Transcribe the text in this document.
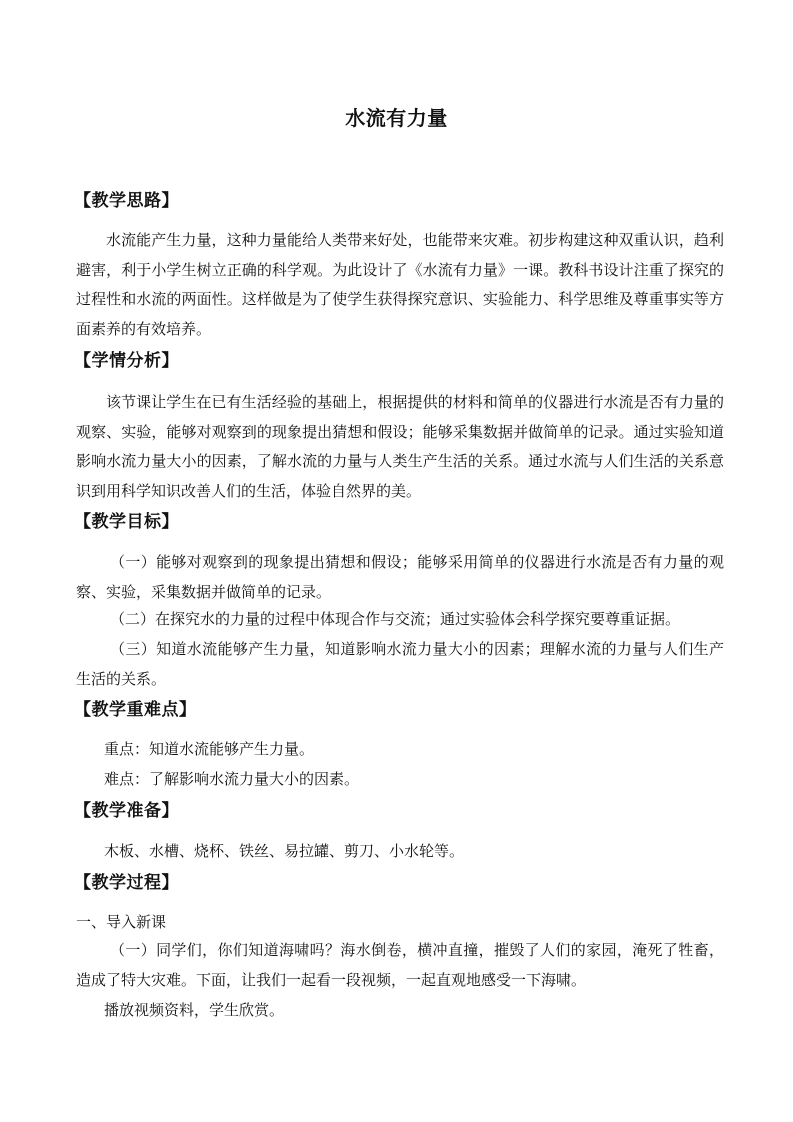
水流有力量
【教学思路】
水流能产生力量，这种力量能给人类带来好处，也能带来灾难。初步构建这种双重认识，趋利避害，利于小学生树立正确的科学观。为此设计了《水流有力量》一课。教科书设计注重了探究的过程性和水流的两面性。这样做是为了使学生获得探究意识、实验能力、科学思维及尊重事实等方面素养的有效培养。
【学情分析】
该节课让学生在已有生活经验的基础上，根据提供的材料和简单的仪器进行水流是否有力量的观察、实验，能够对观察到的现象提出猜想和假设；能够采集数据并做简单的记录。通过实验知道影响水流力量大小的因素，了解水流的力量与人类生产生活的关系。通过水流与人们生活的关系意识到用科学知识改善人们的生活，体验自然界的美。
【教学目标】
（一）能够对观察到的现象提出猜想和假设；能够采用简单的仪器进行水流是否有力量的观察、实验，采集数据并做简单的记录。
（二）在探究水的力量的过程中体现合作与交流；通过实验体会科学探究要尊重证据。
（三）知道水流能够产生力量，知道影响水流力量大小的因素；理解水流的力量与人们生产生活的关系。
【教学重难点】
重点：知道水流能够产生力量。
难点：了解影响水流力量大小的因素。
【教学准备】
木板、水槽、烧杯、铁丝、易拉罐、剪刀、小水轮等。
【教学过程】
一、导入新课
（一）同学们，你们知道海啸吗？海水倒卷，横冲直撞，摧毁了人们的家园，淹死了牲畜，造成了特大灾难。下面，让我们一起看一段视频，一起直观地感受一下海啸。
播放视频资料，学生欣赏。
